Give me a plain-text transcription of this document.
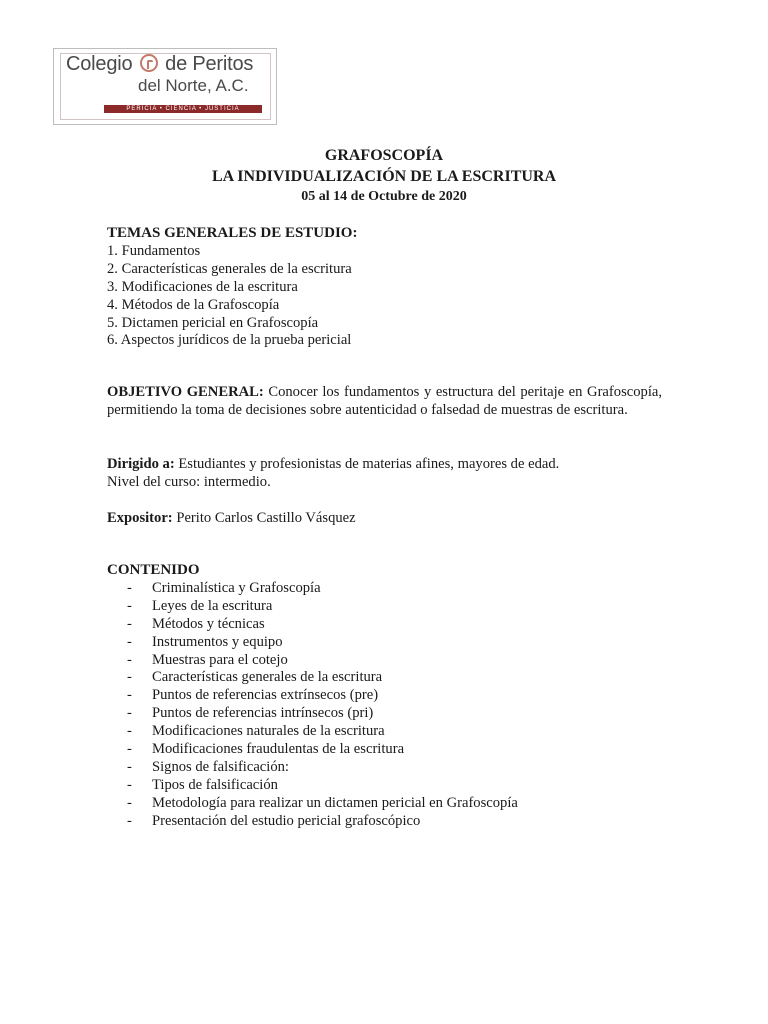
Colegio de Peritos
del Norte, A.C.
PERICIA • CIENCIA • JUSTICIA
GRAFOSCOPÍA
LA INDIVIDUALIZACIÓN DE LA ESCRITURA
05 al 14 de Octubre de 2020
TEMAS GENERALES DE ESTUDIO:
1. Fundamentos
2. Características generales de la escritura
3. Modificaciones de la escritura
4. Métodos de la Grafoscopía
5. Dictamen pericial en Grafoscopía
6. Aspectos jurídicos de la prueba pericial
OBJETIVO GENERAL: Conocer los fundamentos y estructura del peritaje en Grafoscopía, permitiendo la toma de decisiones sobre autenticidad o falsedad de muestras de escritura.
Dirigido a: Estudiantes y profesionistas de materias afines, mayores de edad.
Nivel del curso: intermedio.
Expositor: Perito Carlos Castillo Vásquez
CONTENIDO
- Criminalística y Grafoscopía
- Leyes de la escritura
- Métodos y técnicas
- Instrumentos y equipo
- Muestras para el cotejo
- Características generales de la escritura
- Puntos de referencias extrínsecos (pre)
- Puntos de referencias intrínsecos (pri)
- Modificaciones naturales de la escritura
- Modificaciones fraudulentas de la escritura
- Signos de falsificación:
- Tipos de falsificación
- Metodología para realizar un dictamen pericial en Grafoscopía
- Presentación del estudio pericial grafoscópico
